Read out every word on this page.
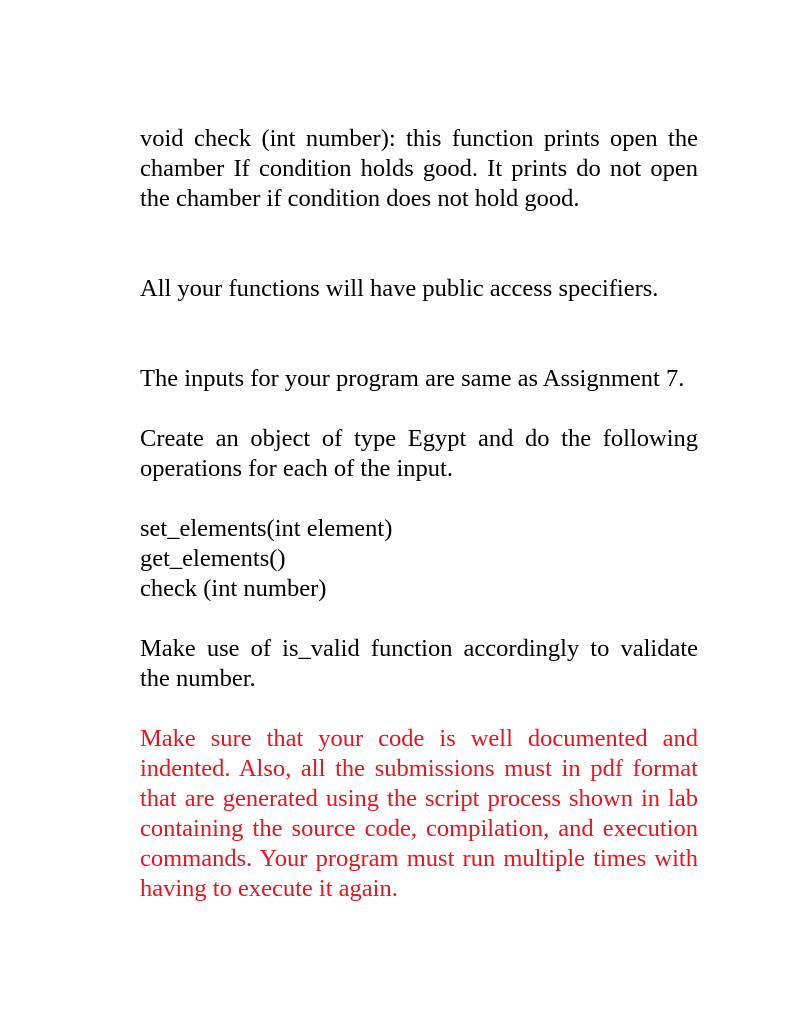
void check (int number): this function prints open the chamber If condition holds good. It prints do not open the chamber if condition does not hold good.

All your functions will have public access specifiers.

The inputs for your program are same as Assignment 7.

Create an object of type Egypt and do the following operations for each of the input.

set_elements(int element)
get_elements()
check (int number)

Make use of is_valid function accordingly to validate the number.

Make sure that your code is well documented and indented. Also, all the submissions must in pdf format that are generated using the script process shown in lab containing the source code, compilation, and execution commands. Your program must run multiple times with having to execute it again.
